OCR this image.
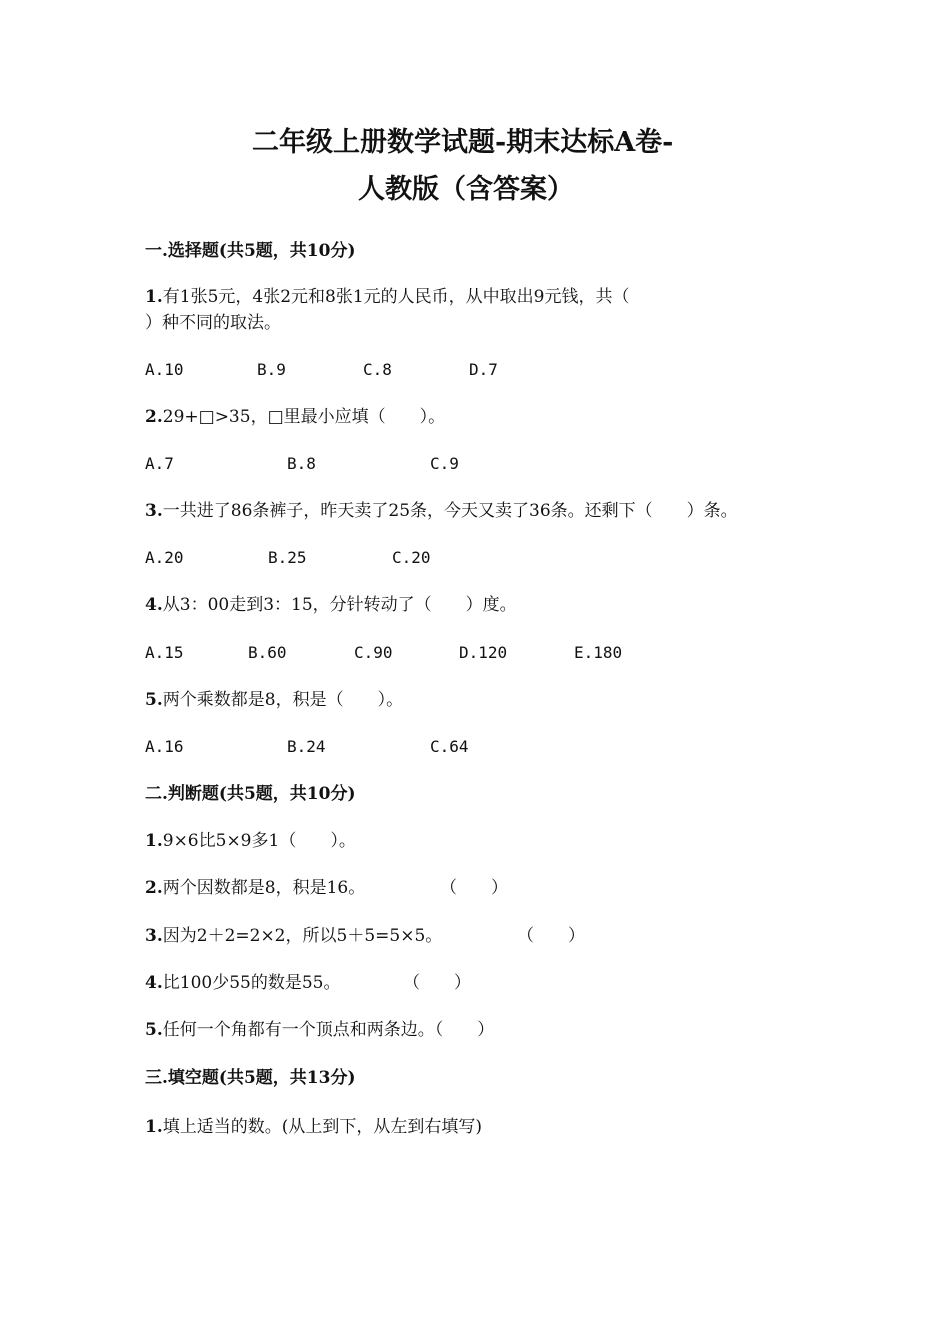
二年级上册数学试题-期末达标A卷-
人教版（含答案）
一.选择题(共5题，共10分)
1.有1张5元，4张2元和8张1元的人民币，从中取出9元钱，共（
）种不同的取法。
A.10	B.9	C.8	D.7
2.29+□>35，□里最小应填（　　）。
A.7	B.8	C.9
3.一共进了86条裤子，昨天卖了25条，今天又卖了36条。还剩下（　　）条。
A.20	B.25	C.20
4.从3：00走到3：15，分针转动了（　　）度。
A.15	B.60	C.90	D.120	E.180
5.两个乘数都是8，积是（　　）。
A.16	B.24	C.64
二.判断题(共5题，共10分)
1.9×6比5×9多1（　　）。
2.两个因数都是8，积是16。	（　　）
3.因为2＋2=2×2，所以5＋5=5×5。	（　　）
4.比100少55的数是55。	（　　）
5.任何一个角都有一个顶点和两条边。（　　）
三.填空题(共5题，共13分)
1.填上适当的数。(从上到下，从左到右填写)
